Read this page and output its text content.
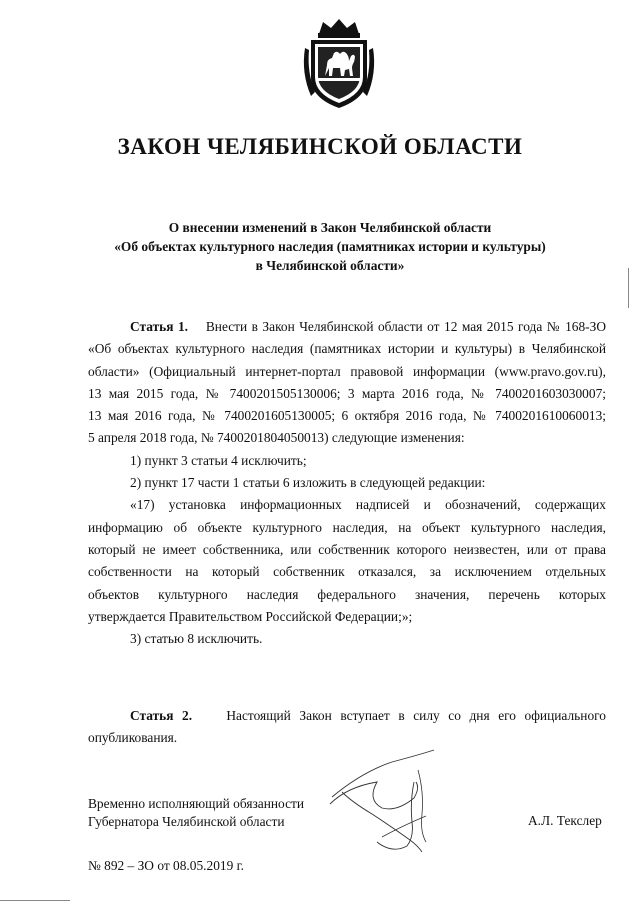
ЗАКОН ЧЕЛЯБИНСКОЙ ОБЛАСТИ
О внесении изменений в Закон Челябинской области
«Об объектах культурного наследия (памятниках истории и культуры)
в Челябинской области»

Статья 1. Внести в Закон Челябинской области от 12 мая 2015 года № 168-ЗО

«Об объектах культурного наследия (памятниках истории и культуры) в Челябинской

области» (Официальный интернет-портал правовой информации (www.pravo.gov.ru),

13 мая 2015 года, № 7400201505130006; 3 марта 2016 года, № 7400201603030007;

13 мая 2016 года, № 7400201605130005; 6 октября 2016 года, № 7400201610060013;

5 апреля 2018 года, № 7400201804050013) следующие изменения:

1) пункт 3 статьи 4 исключить;

2) пункт 17 части 1 статьи 6 изложить в следующей редакции:

«17) установка информационных надписей и обозначений, содержащих

информацию об объекте культурного наследия, на объект культурного наследия,

который не имеет собственника, или собственник которого неизвестен, или от права

собственности на который собственник отказался, за исключением отдельных

объектов культурного наследия федерального значения, перечень которых

утверждается Правительством Российской Федерации;»;

3) статью 8 исключить.

Статья 2.	Настоящий Закон вступает в силу со дня его официального

опубликования.

Временно исполняющий обязанности
Губернатора Челябинской области	А.Л. Текслер
№ 892 – ЗО от 08.05.2019 г.
